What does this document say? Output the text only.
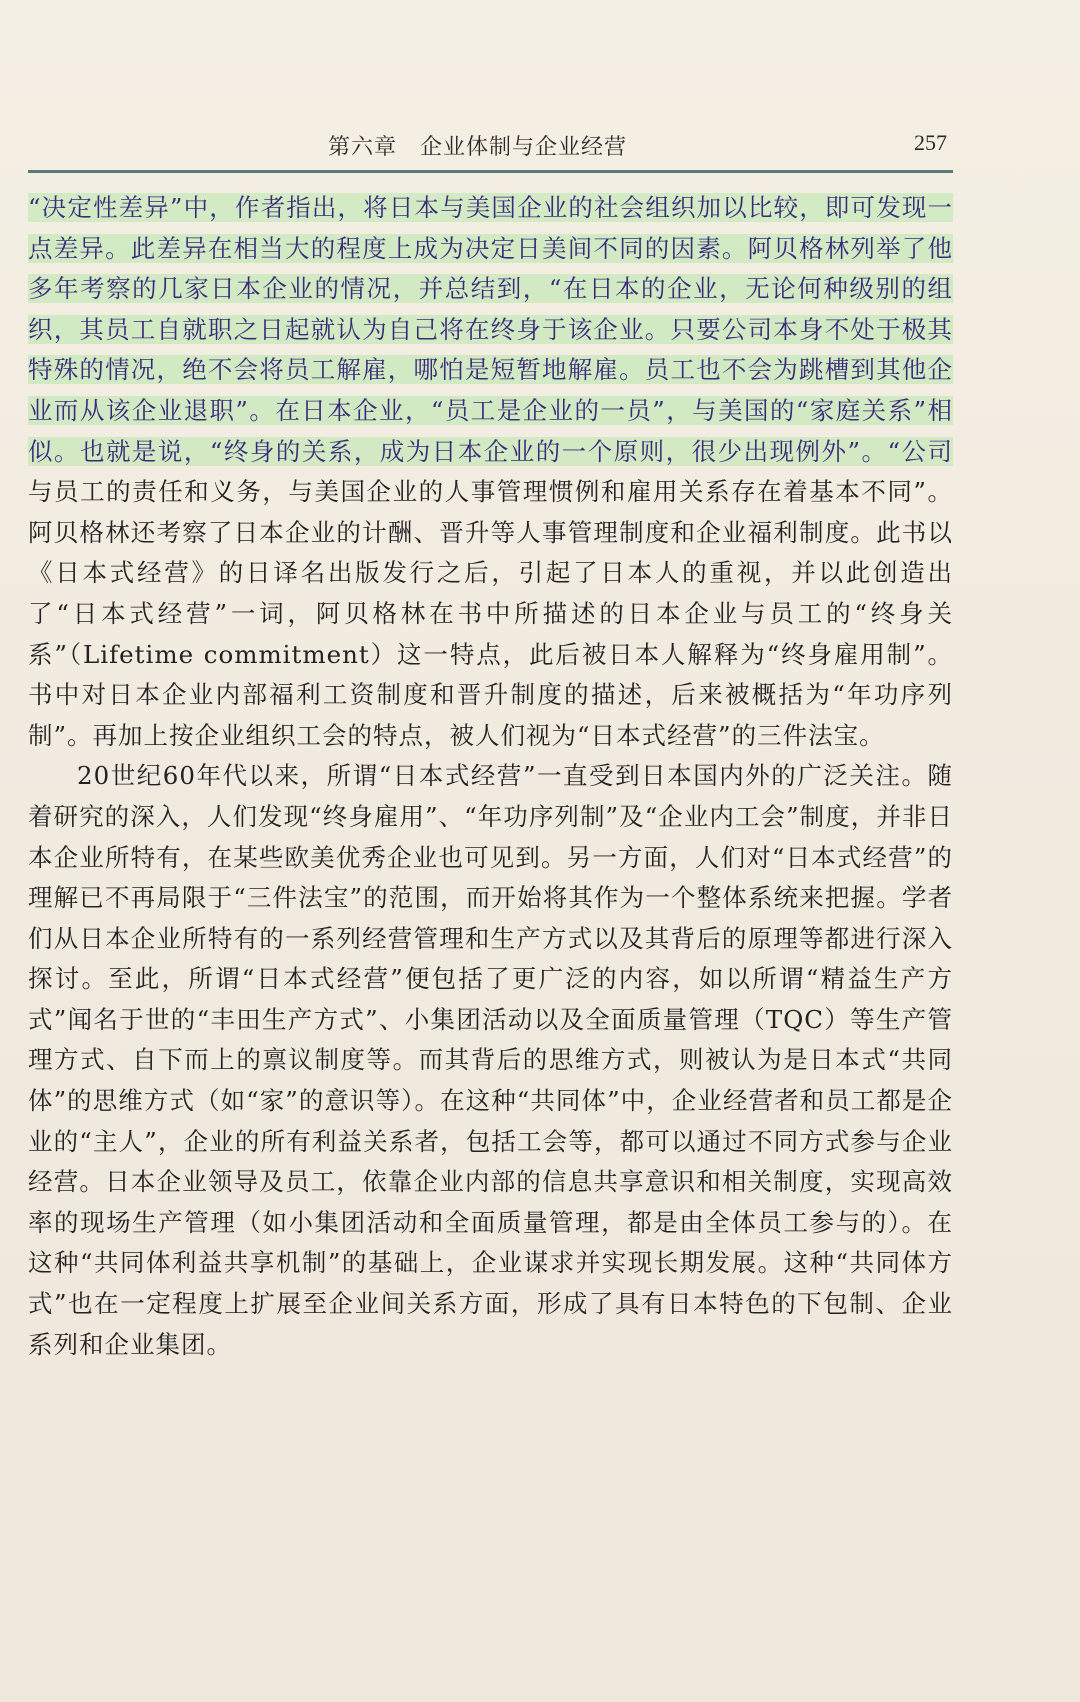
第六章　企业体制与企业经营	257

“决定性差异”中，作者指出，将日本与美国企业的社会组织加以比较，即可发现一点差异。此差异在相当大的程度上成为决定日美间不同的因素。阿贝格林列举了他多年考察的几家日本企业的情况，并总结到，“在日本的企业，无论何种级别的组织，其员工自就职之日起就认为自己将在终身于该企业。只要公司本身不处于极其特殊的情况，绝不会将员工解雇，哪怕是短暂地解雇。员工也不会为跳槽到其他企业而从该企业退职”。在日本企业，“员工是企业的一员”，与美国的“家庭关系”相似。也就是说，“终身的关系，成为日本企业的一个原则，很少出现例外”。“公司与员工的责任和义务，与美国企业的人事管理惯例和雇用关系存在着基本不同”。阿贝格林还考察了日本企业的计酬、晋升等人事管理制度和企业福利制度。此书以《日本式经营》的日译名出版发行之后，引起了日本人的重视，并以此创造出了“日本式经营”一词，阿贝格林在书中所描述的日本企业与员工的“终身关系”（Lifetime commitment）这一特点，此后被日本人解释为“终身雇用制”。书中对日本企业内部福利工资制度和晋升制度的描述，后来被概括为“年功序列制”。再加上按企业组织工会的特点，被人们视为“日本式经营”的三件法宝。

20世纪60年代以来，所谓“日本式经营”一直受到日本国内外的广泛关注。随着研究的深入，人们发现“终身雇用”、“年功序列制”及“企业内工会”制度，并非日本企业所特有，在某些欧美优秀企业也可见到。另一方面，人们对“日本式经营”的理解已不再局限于“三件法宝”的范围，而开始将其作为一个整体系统来把握。学者们从日本企业所特有的一系列经营管理和生产方式以及其背后的原理等都进行深入探讨。至此，所谓“日本式经营”便包括了更广泛的内容，如以所谓“精益生产方式”闻名于世的“丰田生产方式”、小集团活动以及全面质量管理（TQC）等生产管理方式、自下而上的禀议制度等。而其背后的思维方式，则被认为是日本式“共同体”的思维方式（如“家”的意识等）。在这种“共同体”中，企业经营者和员工都是企业的“主人”，企业的所有利益关系者，包括工会等，都可以通过不同方式参与企业经营。日本企业领导及员工，依靠企业内部的信息共享意识和相关制度，实现高效率的现场生产管理（如小集团活动和全面质量管理，都是由全体员工参与的）。在这种“共同体利益共享机制”的基础上，企业谋求并实现长期发展。这种“共同体方式”也在一定程度上扩展至企业间关系方面，形成了具有日本特色的下包制、企业系列和企业集团。
